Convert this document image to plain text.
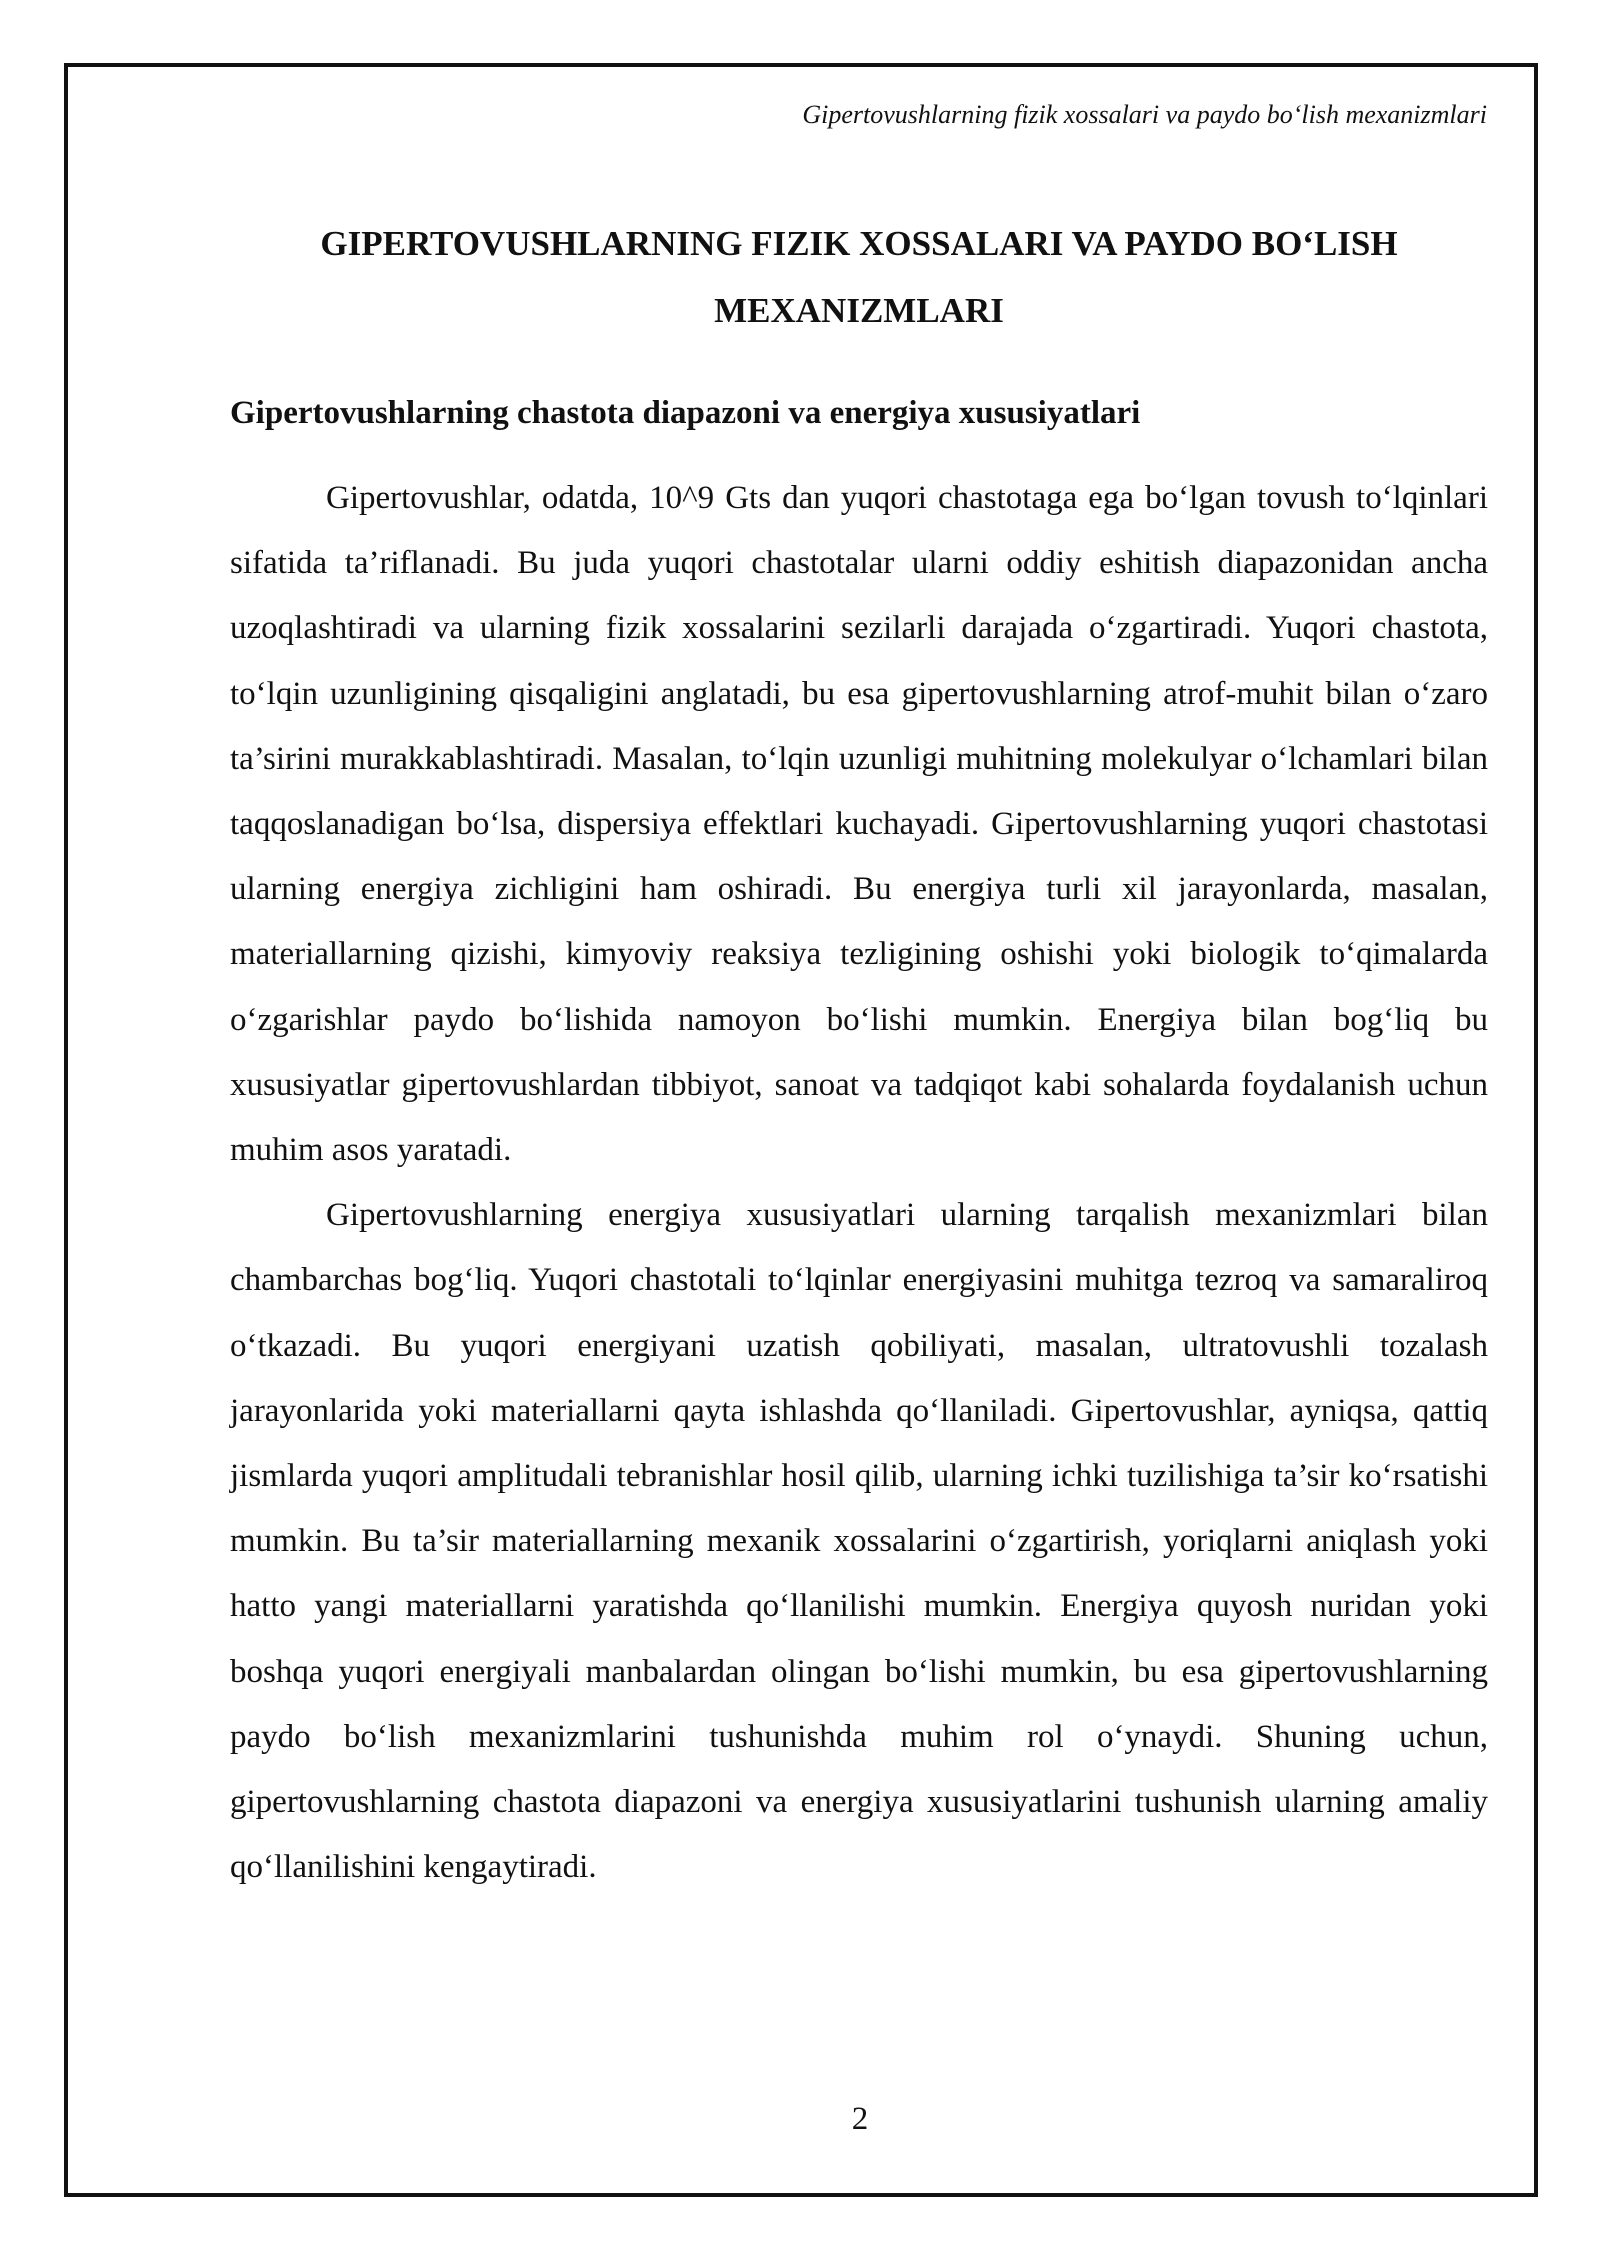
Gipertovushlarning fizik xossalari va paydo bo‘lish mexanizmlari
GIPERTOVUSHLARNING FIZIK XOSSALARI VA PAYDO BO‘LISH MEXANIZMLARI
Gipertovushlarning chastota diapazoni va energiya xususiyatlari

Gipertovushlar, odatda, 10^9 Gts dan yuqori chastotaga ega bo‘lgan tovush to‘lqinlari sifatida ta’riflanadi. Bu juda yuqori chastotalar ularni oddiy eshitish diapazonidan ancha uzoqlashtiradi va ularning fizik xossalarini sezilarli darajada o‘zgartiradi. Yuqori chastota, to‘lqin uzunligining qisqaligini anglatadi, bu esa gipertovushlarning atrof-muhit bilan o‘zaro ta’sirini murakkablashtiradi. Masalan, to‘lqin uzunligi muhitning molekulyar o‘lchamlari bilan taqqoslanadigan bo‘lsa, dispersiya effektlari kuchayadi. Gipertovushlarning yuqori chastotasi ularning energiya zichligini ham oshiradi. Bu energiya turli xil jarayonlarda, masalan, materiallarning qizishi, kimyoviy reaksiya tezligining oshishi yoki biologik to‘qimalarda o‘zgarishlar paydo bo‘lishida namoyon bo‘lishi mumkin. Energiya bilan bog‘liq bu xususiyatlar gipertovushlardan tibbiyot, sanoat va tadqiqot kabi sohalarda foydalanish uchun muhim asos yaratadi.

Gipertovushlarning energiya xususiyatlari ularning tarqalish mexanizmlari bilan chambarchas bog‘liq. Yuqori chastotali to‘lqinlar energiyasini muhitga tezroq va samaraliroq o‘tkazadi. Bu yuqori energiyani uzatish qobiliyati, masalan, ultratovushli tozalash jarayonlarida yoki materiallarni qayta ishlashda qo‘llaniladi. Gipertovushlar, ayniqsa, qattiq jismlarda yuqori amplitudali tebranishlar hosil qilib, ularning ichki tuzilishiga ta’sir ko‘rsatishi mumkin. Bu ta’sir materiallarning mexanik xossalarini o‘zgartirish, yoriqlarni aniqlash yoki hatto yangi materiallarni yaratishda qo‘llanilishi mumkin. Energiya quyosh nuridan yoki boshqa yuqori energiyali manbalardan olingan bo‘lishi mumkin, bu esa gipertovushlarning paydo bo‘lish mexanizmlarini tushunishda muhim rol o‘ynaydi. Shuning uchun, gipertovushlarning chastota diapazoni va energiya xususiyatlarini tushunish ularning amaliy qo‘llanilishini kengaytiradi.

2
